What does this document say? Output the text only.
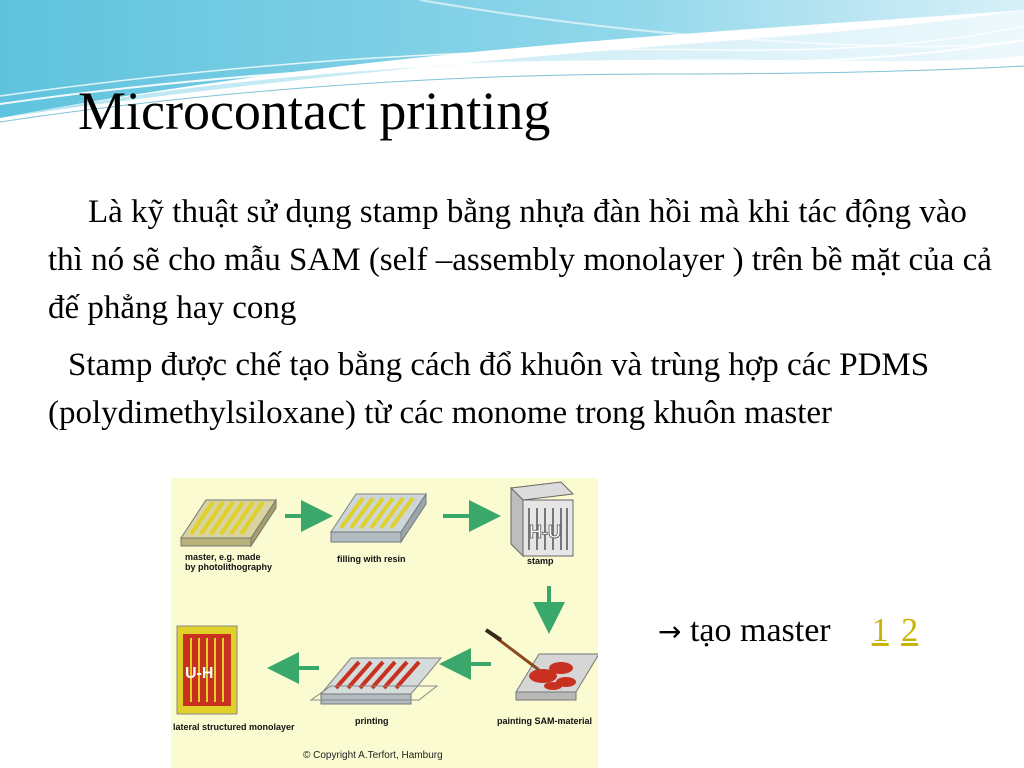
Microcontact printing

Là kỹ thuật sử dụng stamp bằng nhựa đàn hồi mà khi tác động vào thì nó sẽ cho mẫu SAM (self –assembly monolayer ) trên bề mặt của cả đế phẳng hay cong

Stamp được chế tạo bằng cách đổ khuôn và trùng hợp các PDMS (polydimethylsiloxane) từ các monome trong khuôn master

H-U
U-H
master, e.g. made
by photolithography
filling with resin	stamp
painting SAM-material
printing
lateral structured monolayer
© Copyright A.Terfort, Hamburg
→ tạo master 1 2
